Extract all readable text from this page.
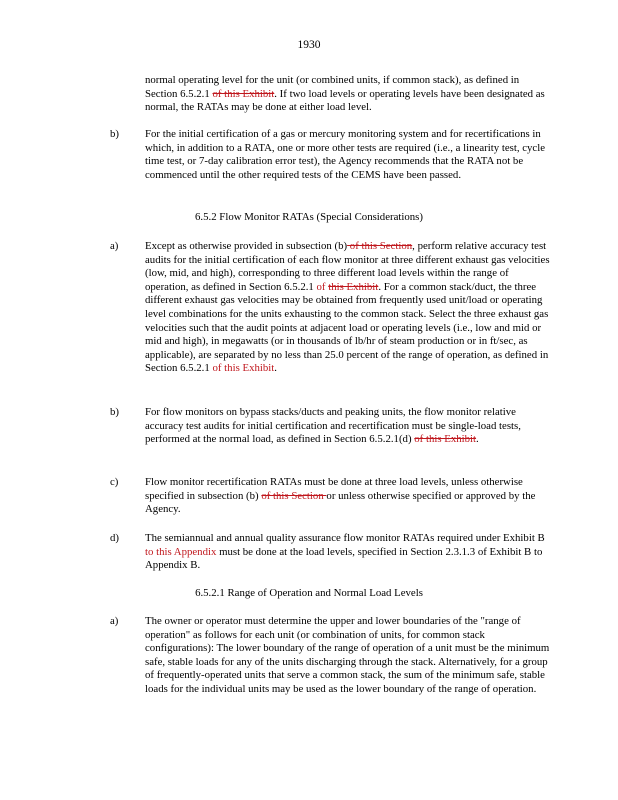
1930

normal operating level for the unit (or combined units, if common stack), as defined in Section 6.5.2.1 of this Exhibit. If two load levels or operating levels have been designated as normal, the RATAs may be done at either load level.

b) For the initial certification of a gas or mercury monitoring system and for recertifications in which, in addition to a RATA, one or more other tests are required (i.e., a linearity test, cycle time test, or 7-day calibration error test), the Agency recommends that the RATA not be commenced until the other required tests of the CEMS have been passed.

6.5.2 Flow Monitor RATAs (Special Considerations)

a) Except as otherwise provided in subsection (b) of this Section, perform relative accuracy test audits for the initial certification of each flow monitor at three different exhaust gas velocities (low, mid, and high), corresponding to three different load levels within the range of operation, as defined in Section 6.5.2.1 of this Exhibit. For a common stack/duct, the three different exhaust gas velocities may be obtained from frequently used unit/load or operating level combinations for the units exhausting to the common stack. Select the three exhaust gas velocities such that the audit points at adjacent load or operating levels (i.e., low and mid or mid and high), in megawatts (or in thousands of lb/hr of steam production or in ft/sec, as applicable), are separated by no less than 25.0 percent of the range of operation, as defined in Section 6.5.2.1 of this Exhibit.

b) For flow monitors on bypass stacks/ducts and peaking units, the flow monitor relative accuracy test audits for initial certification and recertification must be single-load tests, performed at the normal load, as defined in Section 6.5.2.1(d) of this Exhibit.

c) Flow monitor recertification RATAs must be done at three load levels, unless otherwise specified in subsection (b) of this Section or unless otherwise specified or approved by the Agency.

d) The semiannual and annual quality assurance flow monitor RATAs required under Exhibit B to this Appendix must be done at the load levels, specified in Section 2.3.1.3 of Exhibit B to Appendix B.

6.5.2.1 Range of Operation and Normal Load Levels

a) The owner or operator must determine the upper and lower boundaries of the "range of operation" as follows for each unit (or combination of units, for common stack configurations): The lower boundary of the range of operation of a unit must be the minimum safe, stable loads for any of the units discharging through the stack. Alternatively, for a group of frequently-operated units that serve a common stack, the sum of the minimum safe, stable loads for the individual units may be used as the lower boundary of the range of operation.
